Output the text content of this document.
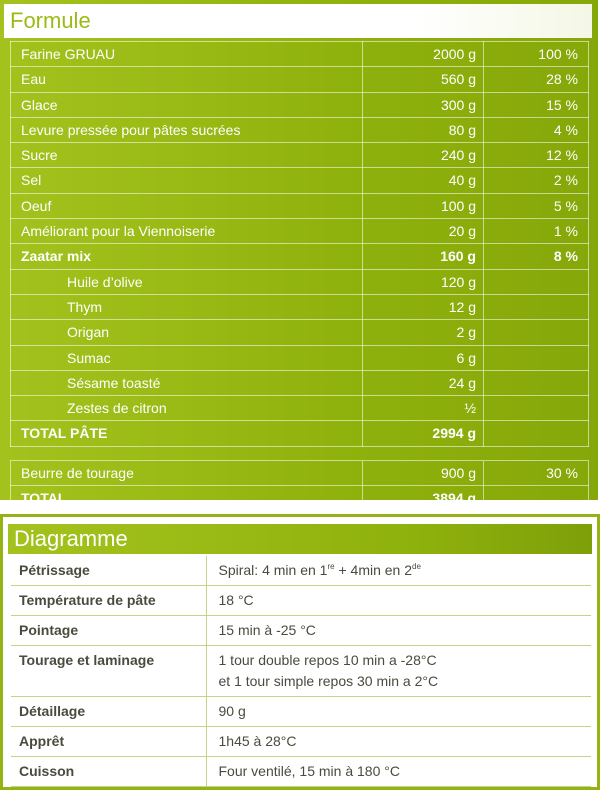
Formule
Farine GRUAU	2000 g	100 %
Eau	560 g	28 %
Glace	300 g	15 %
Levure pressée pour pâtes sucrées	80 g	4 %
Sucre	240 g	12 %
Sel	40 g	2 %
Oeuf	100 g	5 %
Améliorant pour la Viennoiserie	20 g	1 %
Zaatar mix	160 g	8 %
Huile d’olive	120 g	
Thym	12 g	
Origan	2 g	
Sumac	6 g	
Sésame toasté	24 g	
Zestes de citron	½	
TOTAL PÂTE	2994 g	

Beurre de tourage	900 g	30 %
TOTAL	3894 g	
Diagramme
Pétrissage	Spiral: 4 min en 1re + 4min en 2de
Température de pâte	18 °C
Pointage	15 min à -25 °C
Tourage et laminage	1 tour double repos 10 min a -28°C
et 1 tour simple repos 30 min a 2°C

Détaillage	90 g
Apprêt	1h45 à 28°C
Cuisson	Four ventilé, 15 min à 180 °C
